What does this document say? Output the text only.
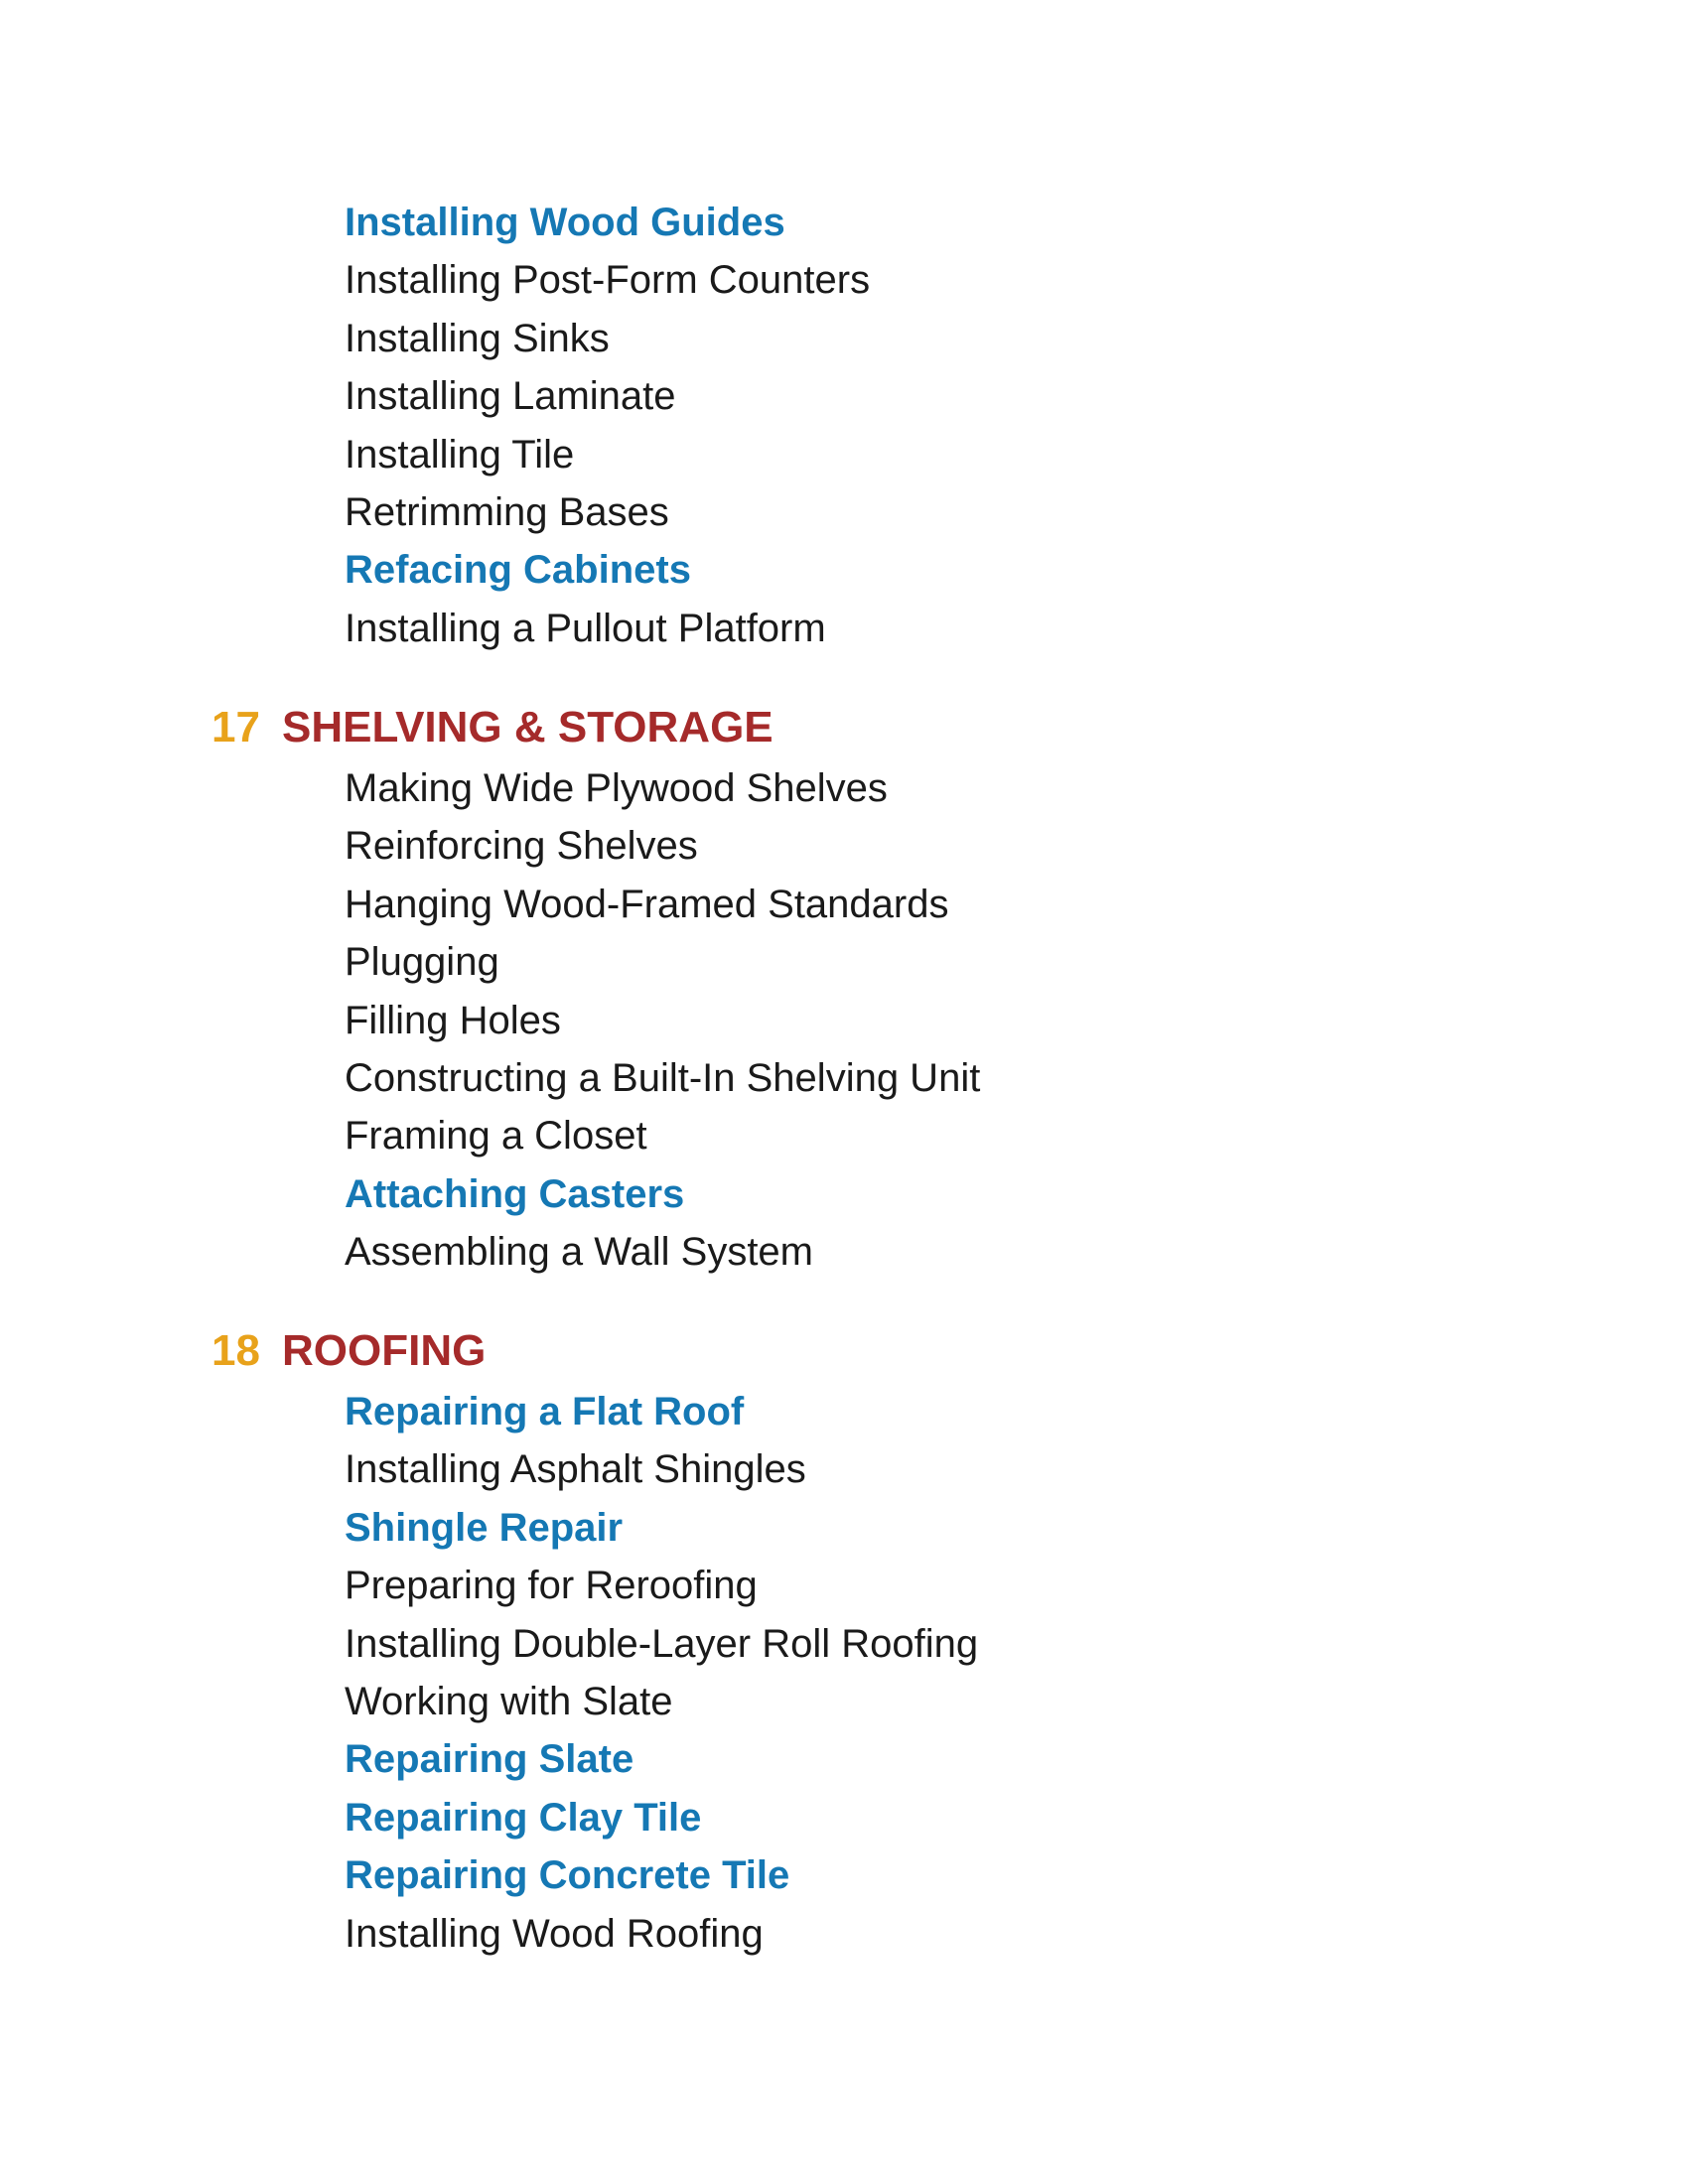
Installing Wood Guides
Installing Post-Form Counters
Installing Sinks
Installing Laminate
Installing Tile
Retrimming Bases
Refacing Cabinets
Installing a Pullout Platform
17 SHELVING & STORAGE
Making Wide Plywood Shelves
Reinforcing Shelves
Hanging Wood-Framed Standards
Plugging
Filling Holes
Constructing a Built-In Shelving Unit
Framing a Closet
Attaching Casters
Assembling a Wall System
18 ROOFING
Repairing a Flat Roof
Installing Asphalt Shingles
Shingle Repair
Preparing for Reroofing
Installing Double-Layer Roll Roofing
Working with Slate
Repairing Slate
Repairing Clay Tile
Repairing Concrete Tile
Installing Wood Roofing
